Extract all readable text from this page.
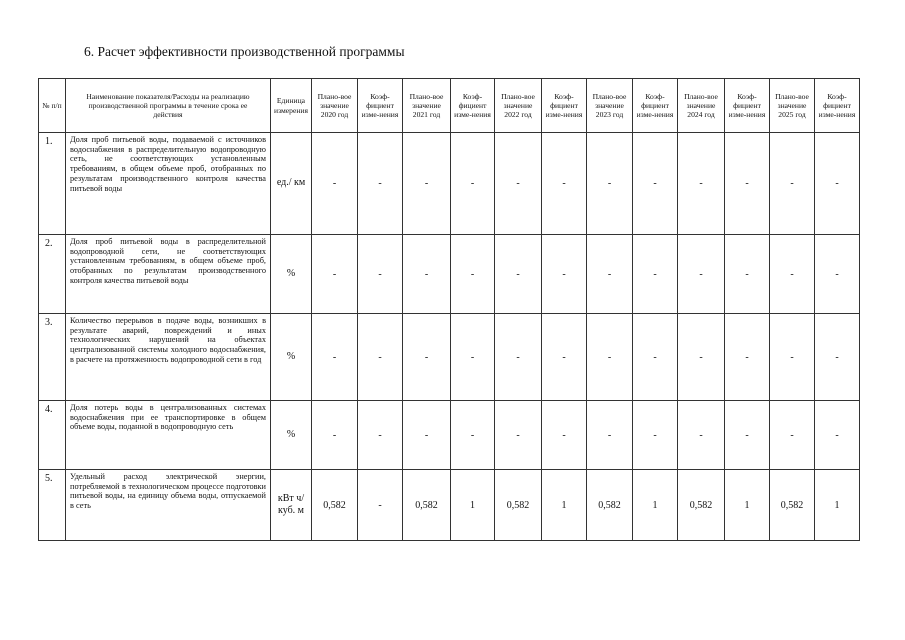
6. Расчет эффективности производственной программы
№ п/п	Наименование показателя/Расходы на реализацию производственной программы в течение срока ее действия	Единица измерения	Плано-вое значение 2020 год	Коэф-фициент изме-нения	Плано-вое значение 2021 год	Коэф-фициент изме-нения	Плано-вое значение 2022 год	Коэф-фициент изме-нения	Плано-вое значение 2023 год	Коэф-фициент изме-нения	Плано-вое значение 2024 год	Коэф-фициент изме-нения	Плано-вое значение 2025 год	Коэф-фициент изме-нения

1.	Доля проб питьевой воды, подаваемой с источников водоснабжения в распределительную водопроводную сеть, не соответствующих установленным требованиям, в общем объеме проб, отобранных по результатам производственного контроля качества питьевой воды	ед./ км	-	-	-	-	-	-	-	-	-	-	-	-
2.	Доля проб питьевой воды в распределительной водопроводной сети, не соответствующих установленным требованиям, в общем объеме проб, отобранных по результатам производственного контроля качества питьевой воды	%	-	-	-	-	-	-	-	-	-	-	-	-
3.	Количество перерывов в подаче воды, возникших в результате аварий, повреждений и иных технологических нарушений на объектах централизованной системы холодного водоснабжения, в расчете на протяженность водопроводной сети в год	%	-	-	-	-	-	-	-	-	-	-	-	-
4.	Доля потерь воды в централизованных системах водоснабжения при ее транспортировке в общем объеме воды, поданной в водопроводную сеть	%	-	-	-	-	-	-	-	-	-	-	-	-
5.	Удельный расход электрической энергии, потребляемой в технологическом процессе подготовки питьевой воды, на единицу объема воды, отпускаемой в сеть	кВт ч/куб. м	0,582	-	0,582	1	0,582	1	0,582	1	0,582	1	0,582	1
